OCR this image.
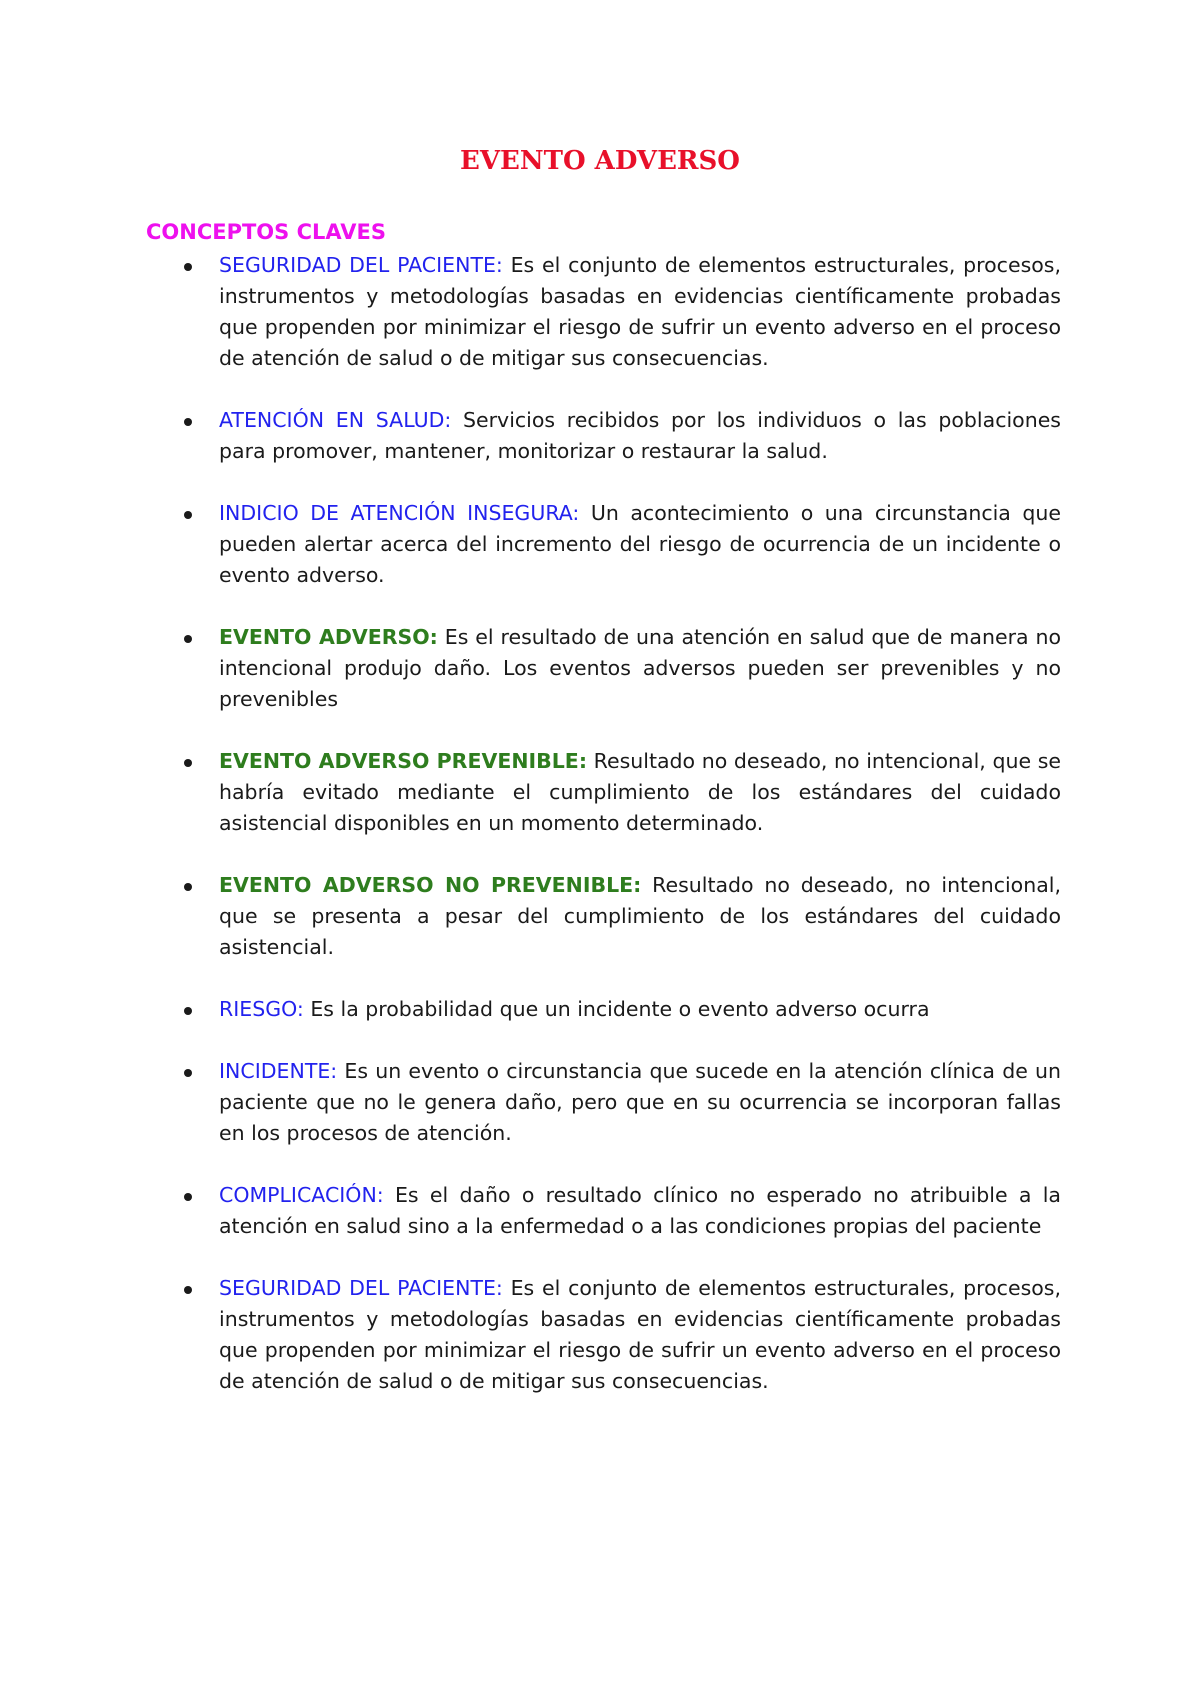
EVENTO ADVERSO
CONCEPTOS CLAVES

SEGURIDAD DEL PACIENTE: Es el conjunto de elementos estructurales, procesos, instrumentos y metodologías basadas en evidencias científicamente probadas que propenden por minimizar el riesgo de sufrir un evento adverso en el proceso de atención de salud o de mitigar sus consecuencias.

ATENCIÓN EN SALUD: Servicios recibidos por los individuos o las poblaciones para promover, mantener, monitorizar o restaurar la salud.

INDICIO DE ATENCIÓN INSEGURA: Un acontecimiento o una circunstancia que pueden alertar acerca del incremento del riesgo de ocurrencia de un incidente o evento adverso.

EVENTO ADVERSO: Es el resultado de una atención en salud que de manera no intencional produjo daño. Los eventos adversos pueden ser prevenibles y no prevenibles

EVENTO ADVERSO PREVENIBLE: Resultado no deseado, no intencional, que se habría evitado mediante el cumplimiento de los estándares del cuidado asistencial disponibles en un momento determinado.

EVENTO ADVERSO NO PREVENIBLE: Resultado no deseado, no intencional, que se presenta a pesar del cumplimiento de los estándares del cuidado asistencial.

RIESGO: Es la probabilidad que un incidente o evento adverso ocurra

INCIDENTE: Es un evento o circunstancia que sucede en la atención clínica de un paciente que no le genera daño, pero que en su ocurrencia se incorporan fallas en los procesos de atención.

COMPLICACIÓN: Es el daño o resultado clínico no esperado no atribuible a la atención en salud sino a la enfermedad o a las condiciones propias del paciente

SEGURIDAD DEL PACIENTE: Es el conjunto de elementos estructurales, procesos, instrumentos y metodologías basadas en evidencias científicamente probadas que propenden por minimizar el riesgo de sufrir un evento adverso en el proceso de atención de salud o de mitigar sus consecuencias.
